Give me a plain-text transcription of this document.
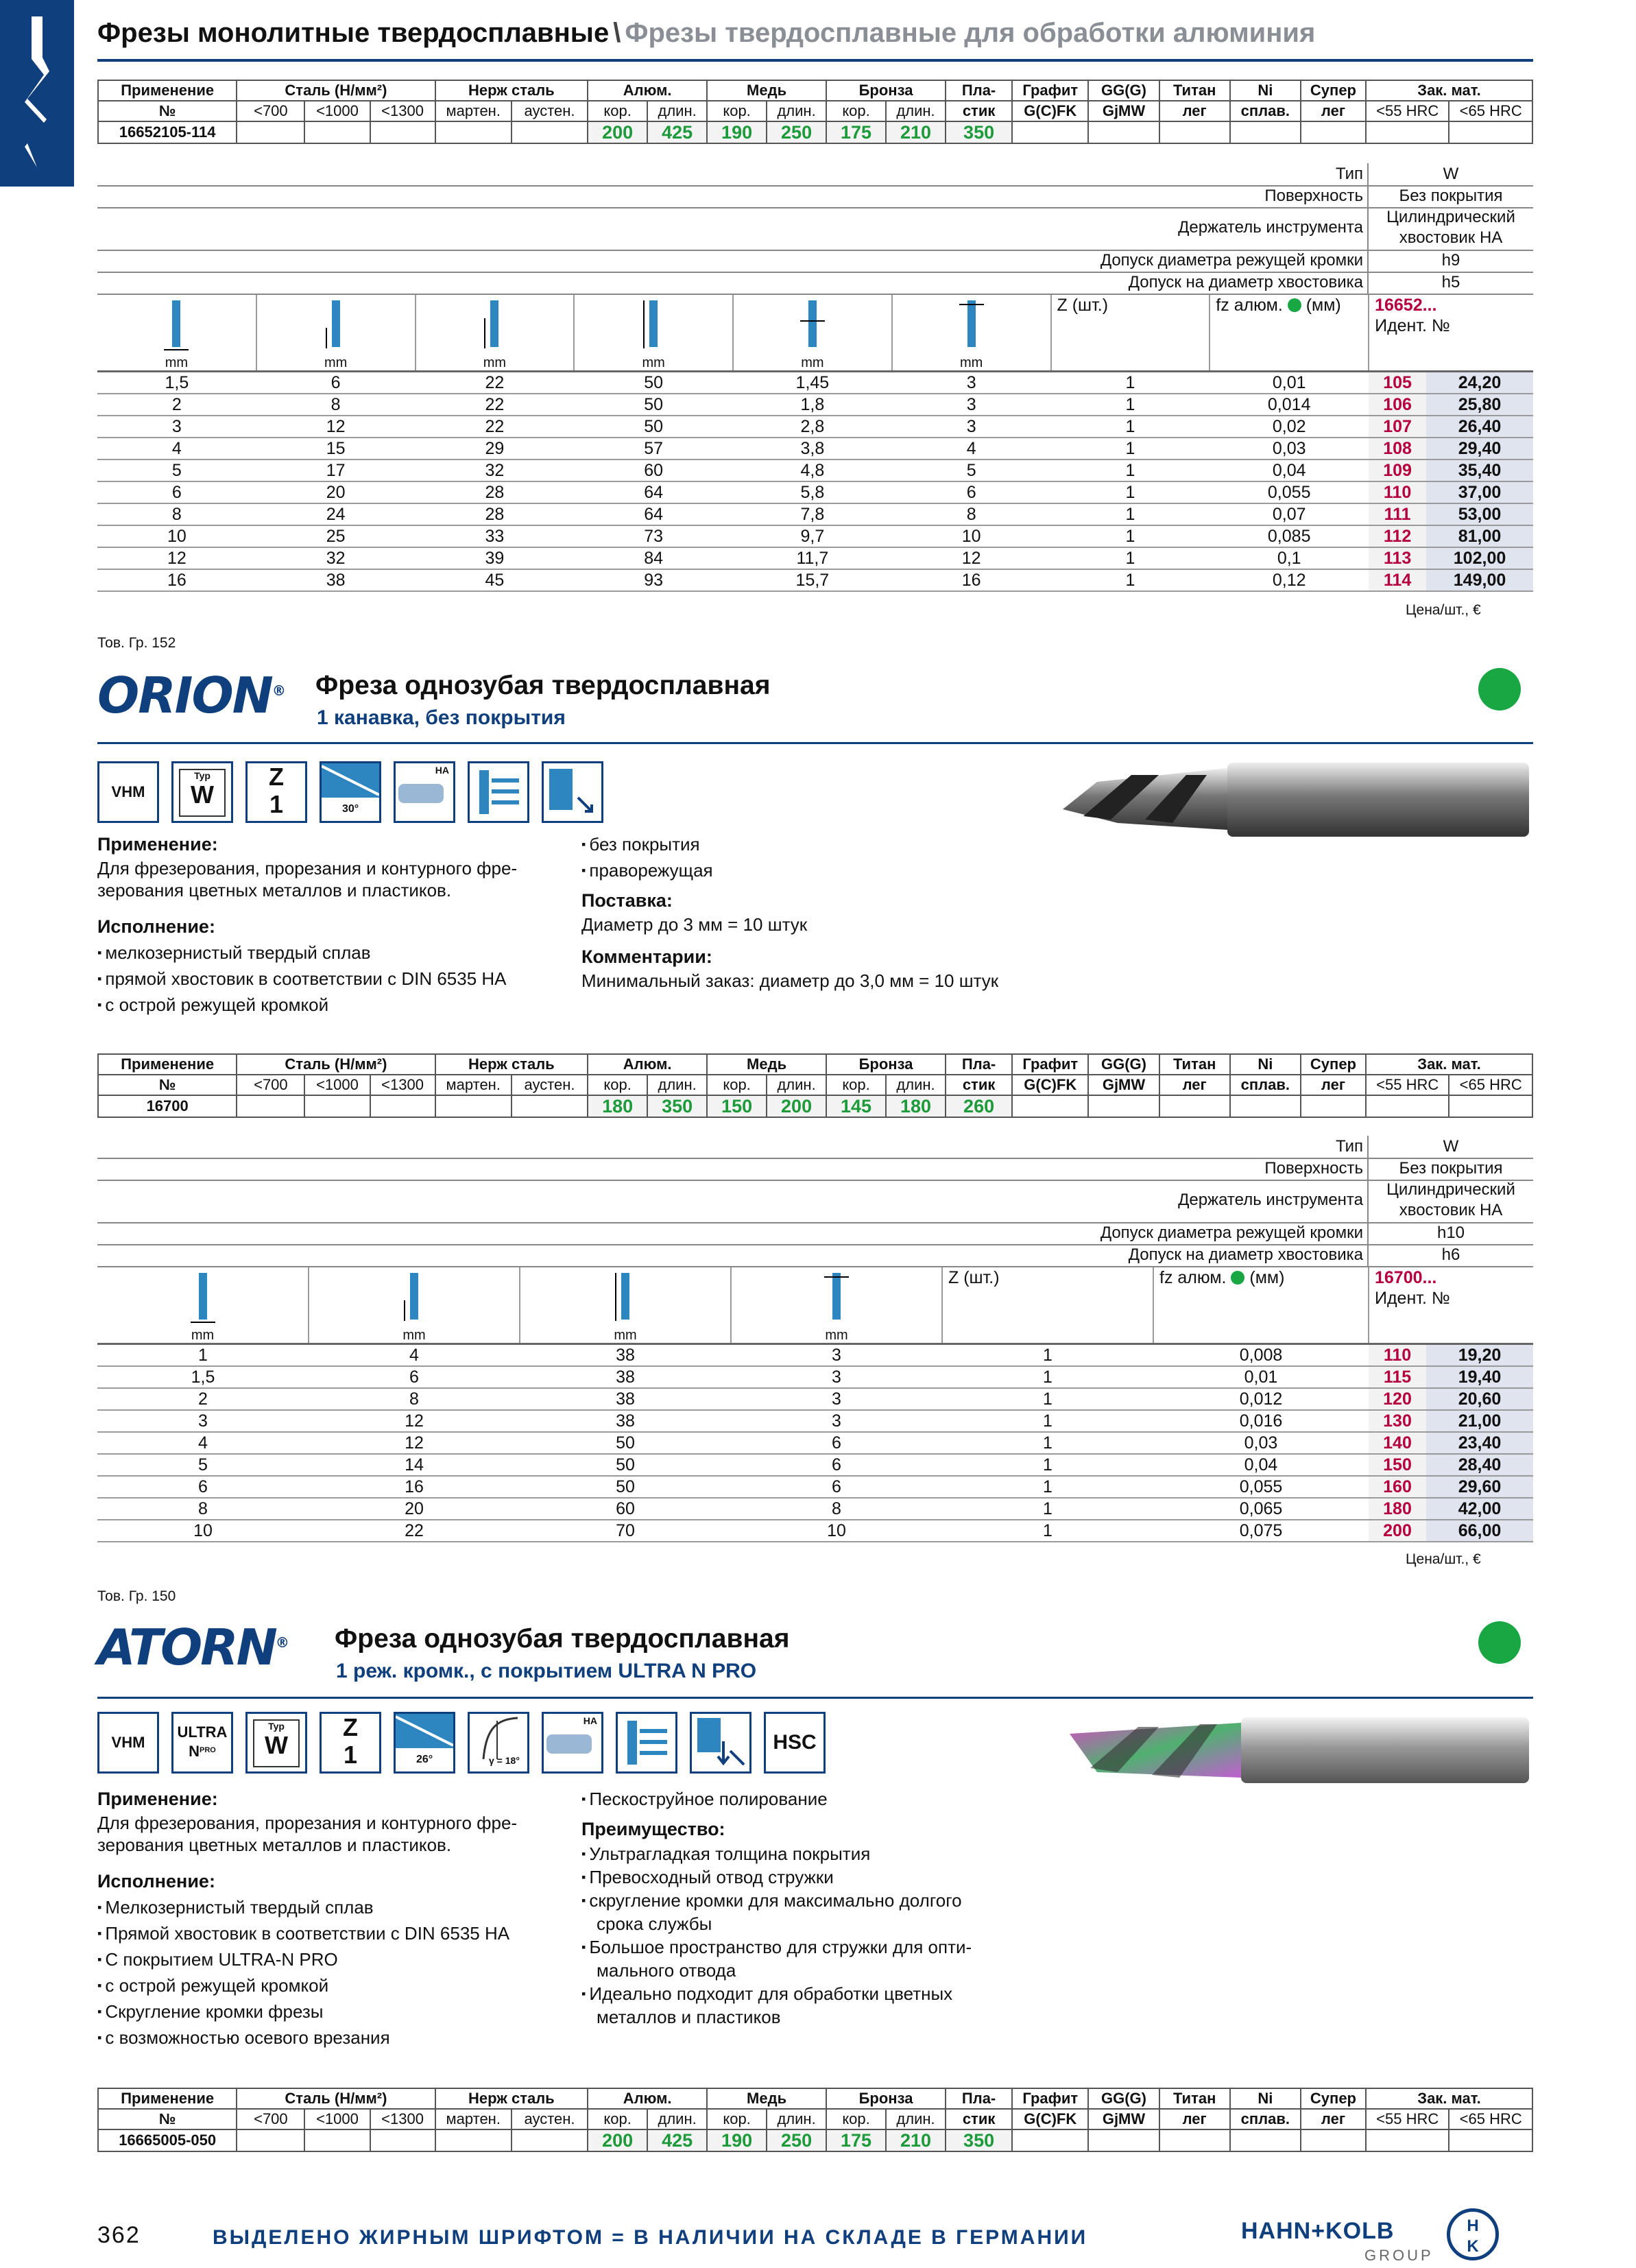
Фрезы монолитные твердосплавные \ Фрезы твердосплавные для обработки алюминия
Применение	Сталь (Н/мм²)			Нерж сталь		Алюм.		Медь		Бронза		Пла-	Графит	GG(G)	Титан	Ni	Супер	Зак. мат.	
№	<700	<1000	<1300	мартен.	аустен.	кор.	длин.	кор.	длин.	кор.	длин.	стик	G(C)FK	GjMW	лег	сплав.	лег	<55 HRC	<65 HRC
16652105-114						200	425	190	250	175	210	350							
Тип	W
Поверхность	Без покрытия
Держатель инструмента
Цилиндрический
хвостовик НА
Допуск диаметра режущей кромки	h9
Допуск на диаметр хвостовика	h5
mm	mm	mm	mm	mm	mm	Z (шт.)	fz алюм. (мм)	16652...
Идент. №	
1,5	6	22	50	1,45	3	1	0,01	105	24,20
2	8	22	50	1,8	3	1	0,014	106	25,80
3	12	22	50	2,8	3	1	0,02	107	26,40
4	15	29	57	3,8	4	1	0,03	108	29,40
5	17	32	60	4,8	5	1	0,04	109	35,40
6	20	28	64	5,8	6	1	0,055	110	37,00
8	24	28	64	7,8	8	1	0,07	111	53,00
10	25	33	73	9,7	10	1	0,085	112	81,00
12	32	39	84	11,7	12	1	0,1	113	102,00
16	38	45	93	15,7	16	1	0,12	114	149,00
Цена/шт., €
Тов. Гр. 152
ORION® Фреза однозубая твердосплавная
1 канавка, без покрытия
VHM
Typ
W
Z
1	30°
HA
Применение:
Для фрезерования, прорезания и контурного фре-
зерования цветных металлов и пластиков.
Исполнение:
▪ мелкозернистый твердый сплав
▪ прямой хвостовик в соответствии с DIN 6535 HA
▪ с острой режущей кромкой
▪ без покрытия
▪ праворежущая
Поставка:
Диаметр до 3 мм = 10 штук
Комментарии:
Минимальный заказ: диаметр до 3,0 мм = 10 штук
Применение	Сталь (Н/мм²)			Нерж сталь		Алюм.		Медь		Бронза		Пла-	Графит	GG(G)	Титан	Ni	Супер	Зак. мат.	
№	<700	<1000	<1300	мартен.	аустен.	кор.	длин.	кор.	длин.	кор.	длин.	стик	G(C)FK	GjMW	лег	сплав.	лег	<55 HRC	<65 HRC
16700						180	350	150	200	145	180	260							
Тип	W
Поверхность	Без покрытия
Держатель инструмента
Цилиндрический
хвостовик НА
Допуск диаметра режущей кромки	h10
Допуск на диаметр хвостовика	h6
mm	mm	mm	mm	Z (шт.)	fz алюм. (мм)	16700...
Идент. №	
1	4	38	3	1	0,008	110	19,20
1,5	6	38	3	1	0,01	115	19,40
2	8	38	3	1	0,012	120	20,60
3	12	38	3	1	0,016	130	21,00
4	12	50	6	1	0,03	140	23,40
5	14	50	6	1	0,04	150	28,40
6	16	50	6	1	0,055	160	29,60
8	20	60	8	1	0,065	180	42,00
10	22	70	10	1	0,075	200	66,00
Цена/шт., €
Тов. Гр. 150
ATORN® Фреза однозубая твердосплавная
1 реж. кромк., с покрытием ULTRA N PRO
VHM
ULTRA
$N^{PRO}$
Typ
W
Z
1	26°	γ = 18°
HA
HSC
Применение:
Для фрезерования, прорезания и контурного фре-
зерования цветных металлов и пластиков.
Исполнение:
▪ Мелкозернистый твердый сплав
▪ Прямой хвостовик в соответствии с DIN 6535 HA
▪ С покрытием ULTRA-N PRO
▪ с острой режущей кромкой
▪ Скругление кромки фрезы
▪ с возможностью осевого врезания
▪ Пескоструйное полирование
Преимущество:
▪ Ультрагладкая толщина покрытия
▪ Превосходный отвод стружки
▪ скругление кромки для максимально долгого
срока службы
▪ Большое пространство для стружки для опти-
мального отвода
▪ Идеально подходит для обработки цветных
металлов и пластиков
Применение	Сталь (Н/мм²)			Нерж сталь		Алюм.		Медь		Бронза		Пла-	Графит	GG(G)	Титан	Ni	Супер	Зак. мат.	
№	<700	<1000	<1300	мартен.	аустен.	кор.	длин.	кор.	длин.	кор.	длин.	стик	G(C)FK	GjMW	лег	сплав.	лег	<55 HRC	<65 HRC
16665005-050						200	425	190	250	175	210	350							
362	ВЫДЕЛЕНО ЖИРНЫМ ШРИФТОМ = В НАЛИЧИИ НА СКЛАДЕ В ГЕРМАНИИ	HAHN+KOLB
GROUP
H
K
